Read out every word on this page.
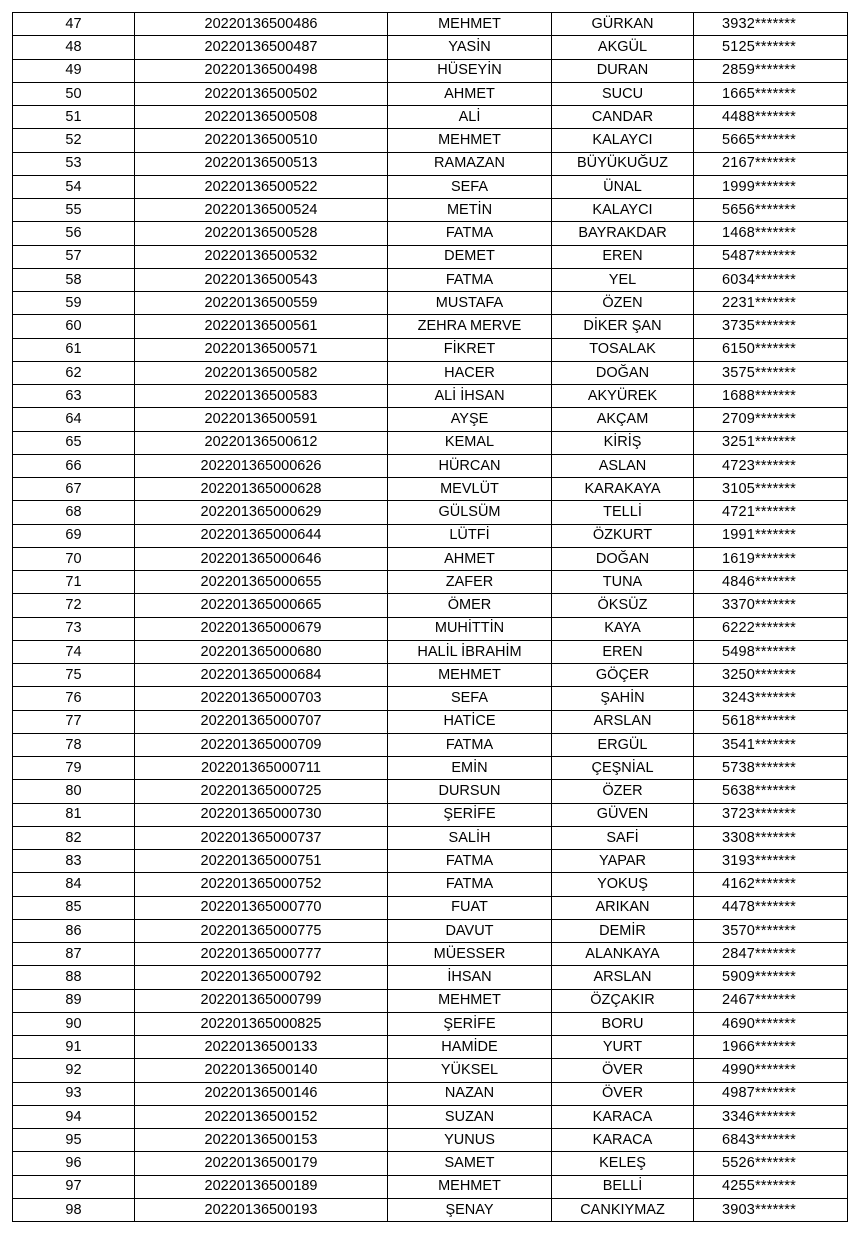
47	20220136500486	MEHMET	GÜRKAN	3932*******
48	20220136500487	YASİN	AKGÜL	5125*******
49	20220136500498	HÜSEYİN	DURAN	2859*******
50	20220136500502	AHMET	SUCU	1665*******
51	20220136500508	ALİ	CANDAR	4488*******
52	20220136500510	MEHMET	KALAYCI	5665*******
53	20220136500513	RAMAZAN	BÜYÜKUĞUZ	2167*******
54	20220136500522	SEFA	ÜNAL	1999*******
55	20220136500524	METİN	KALAYCI	5656*******
56	20220136500528	FATMA	BAYRAKDAR	1468*******
57	20220136500532	DEMET	EREN	5487*******
58	20220136500543	FATMA	YEL	6034*******
59	20220136500559	MUSTAFA	ÖZEN	2231*******
60	20220136500561	ZEHRA MERVE	DİKER ŞAN	3735*******
61	20220136500571	FİKRET	TOSALAK	6150*******
62	20220136500582	HACER	DOĞAN	3575*******
63	20220136500583	ALİ İHSAN	AKYÜREK	1688*******
64	20220136500591	AYŞE	AKÇAM	2709*******
65	20220136500612	KEMAL	KİRİŞ	3251*******
66	202201365000626	HÜRCAN	ASLAN	4723*******
67	202201365000628	MEVLÜT	KARAKAYA	3105*******
68	202201365000629	GÜLSÜM	TELLİ	4721*******
69	202201365000644	LÜTFİ	ÖZKURT	1991*******
70	202201365000646	AHMET	DOĞAN	1619*******
71	202201365000655	ZAFER	TUNA	4846*******
72	202201365000665	ÖMER	ÖKSÜZ	3370*******
73	202201365000679	MUHİTTİN	KAYA	6222*******
74	202201365000680	HALİL İBRAHİM	EREN	5498*******
75	202201365000684	MEHMET	GÖÇER	3250*******
76	202201365000703	SEFA	ŞAHİN	3243*******
77	202201365000707	HATİCE	ARSLAN	5618*******
78	202201365000709	FATMA	ERGÜL	3541*******
79	202201365000711	EMİN	ÇEŞNİAL	5738*******
80	202201365000725	DURSUN	ÖZER	5638*******
81	202201365000730	ŞERİFE	GÜVEN	3723*******
82	202201365000737	SALİH	SAFİ	3308*******
83	202201365000751	FATMA	YAPAR	3193*******
84	202201365000752	FATMA	YOKUŞ	4162*******
85	202201365000770	FUAT	ARIKAN	4478*******
86	202201365000775	DAVUT	DEMİR	3570*******
87	202201365000777	MÜESSER	ALANKAYA	2847*******
88	202201365000792	İHSAN	ARSLAN	5909*******
89	202201365000799	MEHMET	ÖZÇAKIR	2467*******
90	202201365000825	ŞERİFE	BORU	4690*******
91	20220136500133	HAMİDE	YURT	1966*******
92	20220136500140	YÜKSEL	ÖVER	4990*******
93	20220136500146	NAZAN	ÖVER	4987*******
94	20220136500152	SUZAN	KARACA	3346*******
95	20220136500153	YUNUS	KARACA	6843*******
96	20220136500179	SAMET	KELEŞ	5526*******
97	20220136500189	MEHMET	BELLİ	4255*******
98	20220136500193	ŞENAY	CANKIYMAZ	3903*******
